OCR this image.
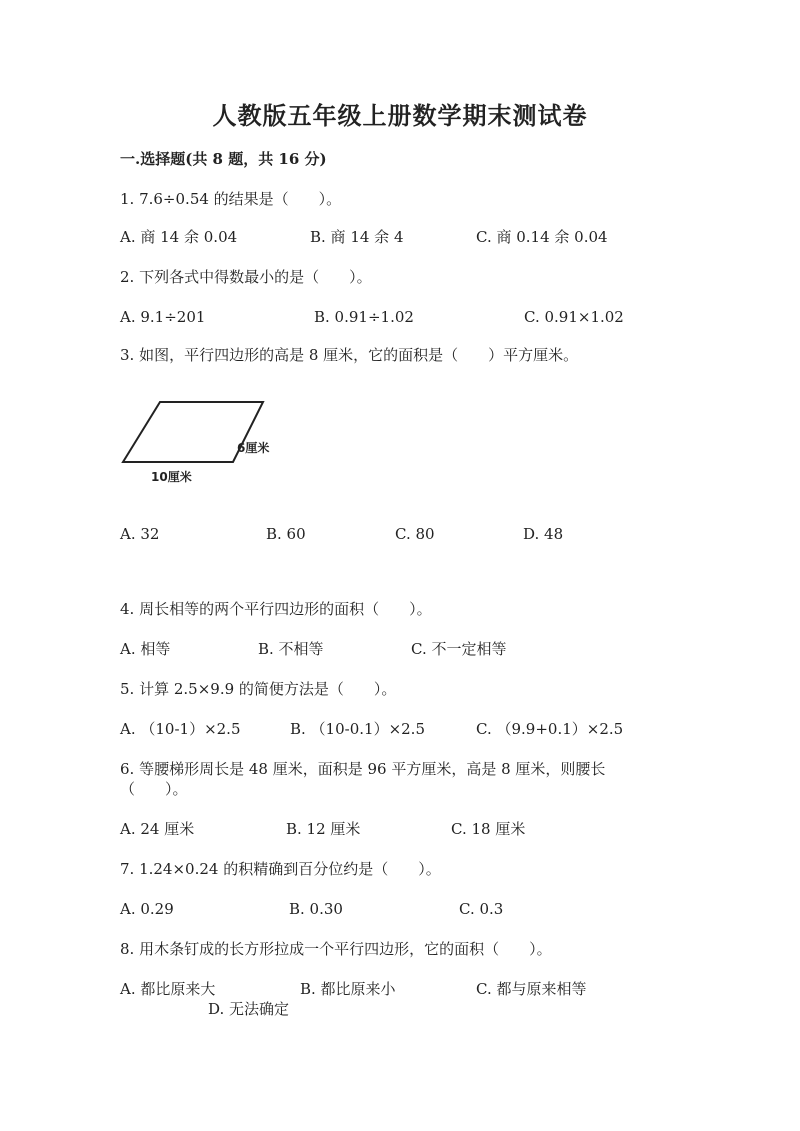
人教版五年级上册数学期末测试卷
一.选择题(共 8 题，共 16 分)
1. 7.6÷0.54 的结果是（　　）。
A. 商 14 余 0.04	B. 商 14 余 4	C. 商 0.14 余 0.04
2. 下列各式中得数最小的是（　　）。
A. 9.1÷201	B. 0.91÷1.02	C. 0.91×1.02
3. 如图，平行四边形的高是 8 厘米，它的面积是（　　）平方厘米。
6厘米
10厘米
A. 32	B. 60	C. 80	D. 48
4. 周长相等的两个平行四边形的面积（　　）。
A. 相等	B. 不相等	C. 不一定相等
5. 计算 2.5×9.9 的简便方法是（　　）。
A. （10-1）×2.5	B. （10-0.1）×2.5	C. （9.9+0.1）×2.5
6. 等腰梯形周长是 48 厘米，面积是 96 平方厘米，高是 8 厘米，则腰长
（　　）。
A. 24 厘米	B. 12 厘米	C. 18 厘米
7. 1.24×0.24 的积精确到百分位约是（　　）。
A. 0.29	B. 0.30	C. 0.3
8. 用木条钉成的长方形拉成一个平行四边形，它的面积（　　）。
A. 都比原来大	B. 都比原来小	C. 都与原来相等
D. 无法确定
